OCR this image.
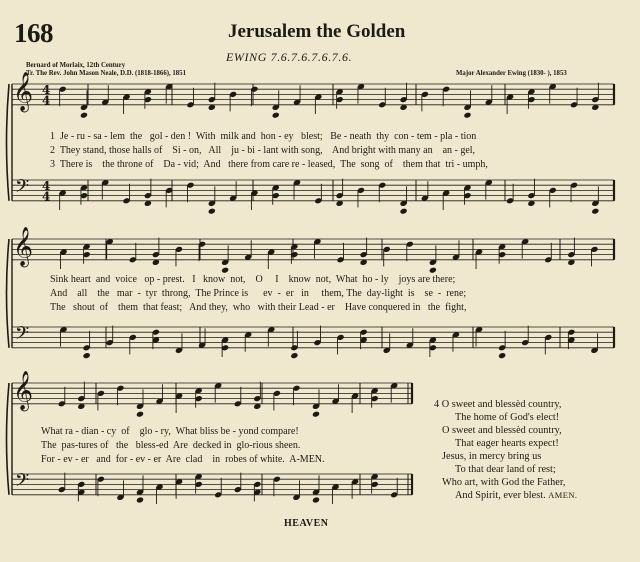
168	Jerusalem the Golden
EWING 7.6.7.6.7.6.7.6.
Bernard of Morlaix, 12th Century
Tr. The Rev. John Mason Neale, D.D. (1818-1866), 1851	Major Alexander Ewing (1830- ), 1853
𝄞
𝄢
𝄞
𝄢
𝄞
𝄢
4
4
4
4
1  Je - ru - sa - lem  the   gol - den !  With  milk and  hon - ey   blest;   Be - neath  thy  con - tem - pla - tion
2  They stand, those halls of    Si - on,   All    ju - bi - lant with song,    And bright with many an    an - gel,
3  There is    the throne of    Da - vid;  And   there from care re - leased,  The  song  of    them that  tri - umph,
Sink heart  and  voice   op - prest.   I   know  not,    O     I    know  not,  What  ho - ly    joys are there;
And    all    the   mar  -  tyr  throng,  The Prince is      ev  -  er   in     them, The  day-light  is    se  -  rene;
The   shout  of    them  that feast;   And they,  who   with their Lead - er    Have conquered in   the  fight,
What ra - dian - cy  of    glo - ry,  What bliss be - yond compare!
The  pas-tures of   the   bless-ed  Are  decked in  glo-rious sheen.
For - ev - er   and  for - ev - er  Are  clad    in  robes of white.  A-MEN.
4 O sweet and blessèd country,
The home of God's elect!
O sweet and blessèd country,
That eager hearts expect!
Jesus, in mercy bring us
To that dear land of rest;
Who art, with God the Father,
And Spirit, ever blest. AMEN.
HEAVEN
